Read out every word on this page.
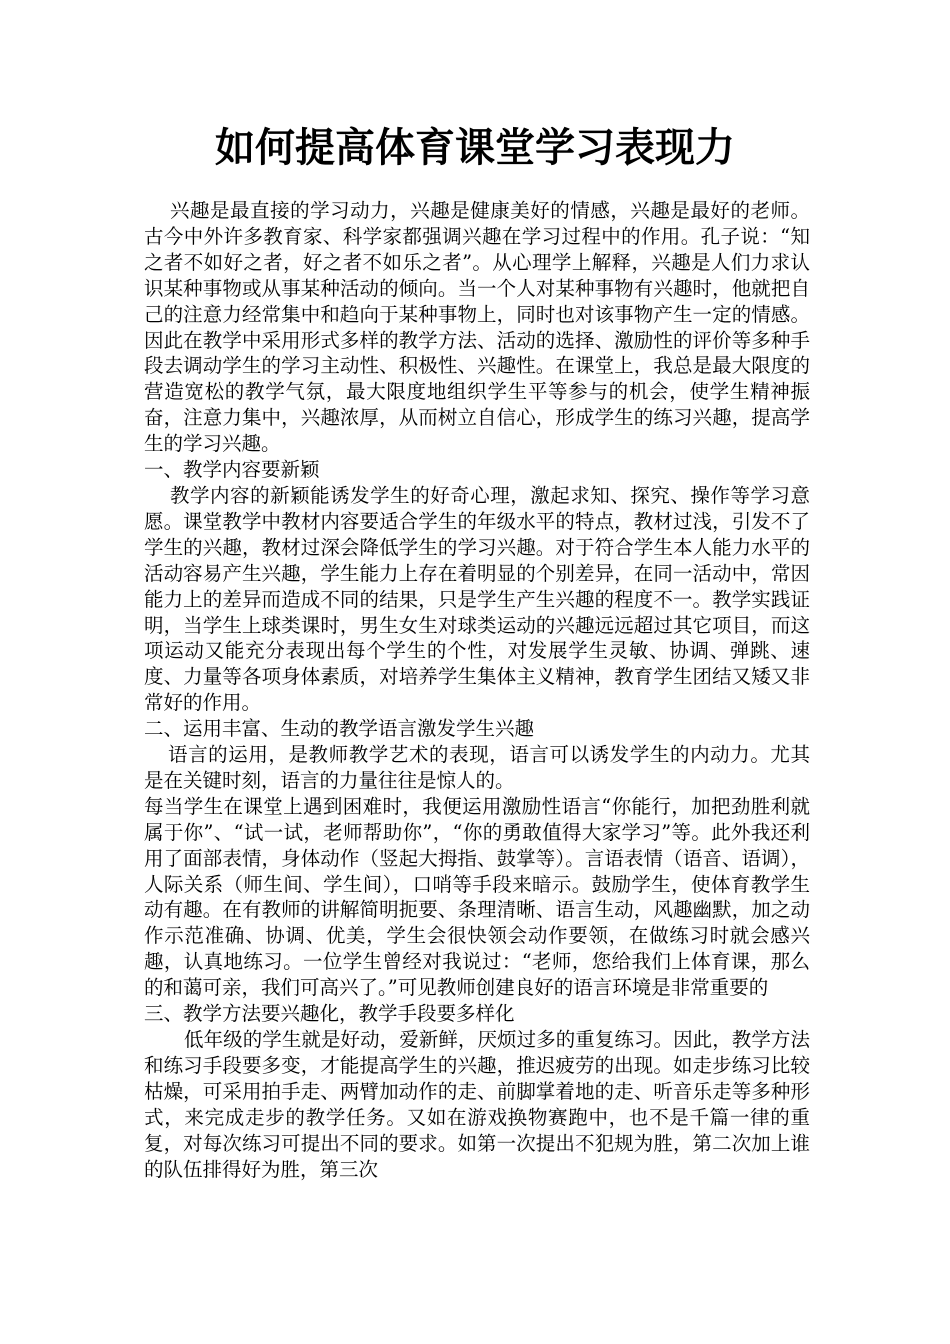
如何提高体育课堂学习表现力

兴趣是最直接的学习动力，兴趣是健康美好的情感，兴趣是最好的老师。古今中外许多教育家、科学家都强调兴趣在学习过程中的作用。孔子说：“知之者不如好之者，好之者不如乐之者”。从心理学上解释，兴趣是人们力求认识某种事物或从事某种活动的倾向。当一个人对某种事物有兴趣时，他就把自己的注意力经常集中和趋向于某种事物上，同时也对该事物产生一定的情感。因此在教学中采用形式多样的教学方法、活动的选择、激励性的评价等多种手段去调动学生的学习主动性、积极性、兴趣性。在课堂上，我总是最大限度的营造宽松的教学气氛，最大限度地组织学生平等参与的机会，使学生精神振奋，注意力集中，兴趣浓厚，从而树立自信心，形成学生的练习兴趣，提高学生的学习兴趣。

一、教学内容要新颖

教学内容的新颖能诱发学生的好奇心理，激起求知、探究、操作等学习意愿。课堂教学中教材内容要适合学生的年级水平的特点，教材过浅，引发不了学生的兴趣，教材过深会降低学生的学习兴趣。对于符合学生本人能力水平的活动容易产生兴趣，学生能力上存在着明显的个别差异，在同一活动中，常因能力上的差异而造成不同的结果，只是学生产生兴趣的程度不一。教学实践证明，当学生上球类课时，男生女生对球类运动的兴趣远远超过其它项目，而这项运动又能充分表现出每个学生的个性，对发展学生灵敏、协调、弹跳、速度、力量等各项身体素质，对培养学生集体主义精神，教育学生团结又矮又非常好的作用。

二、运用丰富、生动的教学语言激发学生兴趣

语言的运用，是教师教学艺术的表现，语言可以诱发学生的内动力。尤其是在关键时刻，语言的力量往往是惊人的。

每当学生在课堂上遇到困难时，我便运用激励性语言“你能行，加把劲胜利就属于你”、“试一试，老师帮助你”，“你的勇敢值得大家学习”等。此外我还利用了面部表情，身体动作（竖起大拇指、鼓掌等）。言语表情（语音、语调），人际关系（师生间、学生间），口哨等手段来暗示。鼓励学生，使体育教学生动有趣。在有教师的讲解简明扼要、条理清晰、语言生动，风趣幽默，加之动作示范准确、协调、优美，学生会很快领会动作要领，在做练习时就会感兴趣，认真地练习。一位学生曾经对我说过：“老师，您给我们上体育课，那么的和蔼可亲，我们可高兴了。”可见教师创建良好的语言环境是非常重要的

三、教学方法要兴趣化，教学手段要多样化

低年级的学生就是好动，爱新鲜，厌烦过多的重复练习。因此，教学方法和练习手段要多变，才能提高学生的兴趣，推迟疲劳的出现。如走步练习比较枯燥，可采用拍手走、两臂加动作的走、前脚掌着地的走、听音乐走等多种形式，来完成走步的教学任务。又如在游戏换物赛跑中，也不是千篇一律的重复，对每次练习可提出不同的要求。如第一次提出不犯规为胜，第二次加上谁的队伍排得好为胜，第三次
